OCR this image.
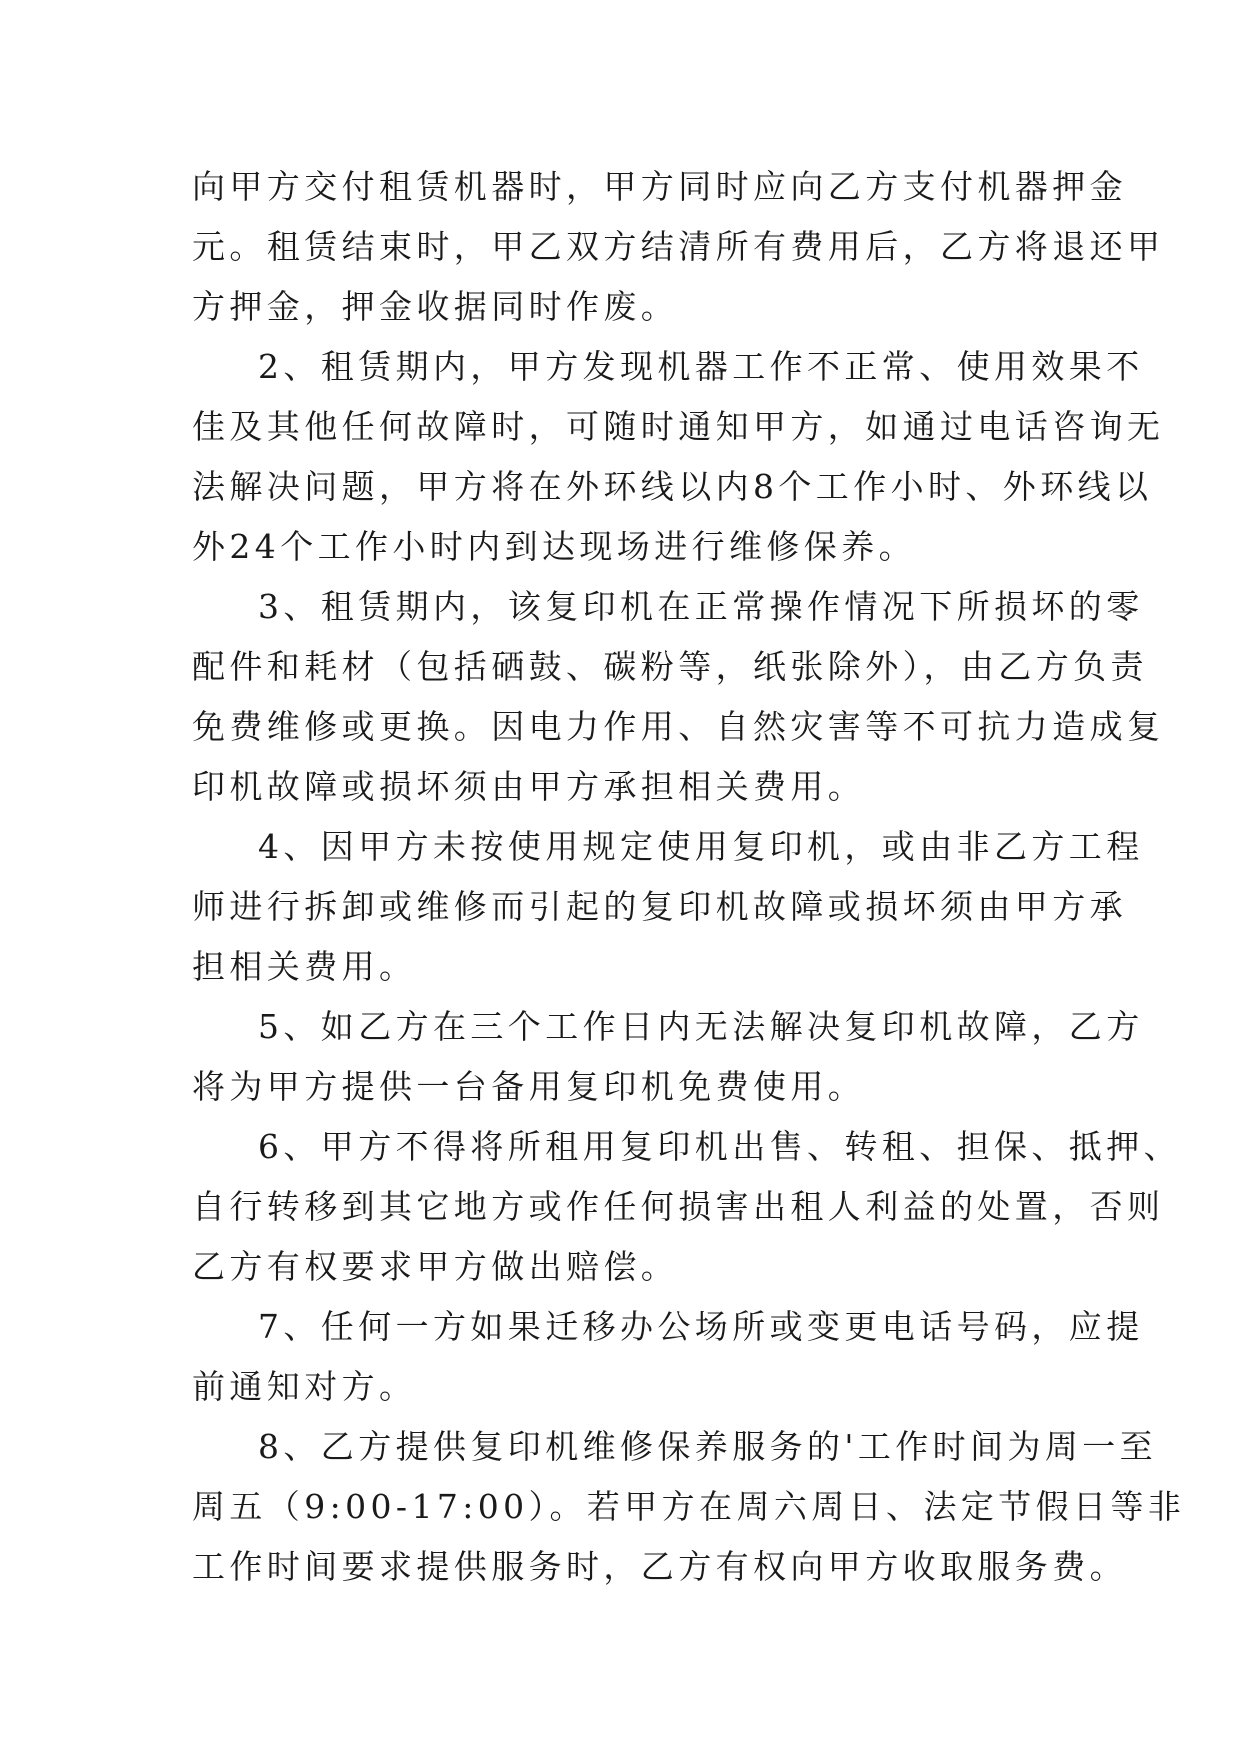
向甲方交付租赁机器时，甲方同时应向乙方支付机器押金
元。租赁结束时，甲乙双方结清所有费用后，乙方将退还甲
方押金，押金收据同时作废。
2、租赁期内，甲方发现机器工作不正常、使用效果不
佳及其他任何故障时，可随时通知甲方，如通过电话咨询无
法解决问题，甲方将在外环线以内8个工作小时、外环线以
外24个工作小时内到达现场进行维修保养。
3、租赁期内，该复印机在正常操作情况下所损坏的零
配件和耗材（包括硒鼓、碳粉等，纸张除外），由乙方负责
免费维修或更换。因电力作用、自然灾害等不可抗力造成复
印机故障或损坏须由甲方承担相关费用。
4、因甲方未按使用规定使用复印机，或由非乙方工程
师进行拆卸或维修而引起的复印机故障或损坏须由甲方承
担相关费用。
5、如乙方在三个工作日内无法解决复印机故障，乙方
将为甲方提供一台备用复印机免费使用。
6、甲方不得将所租用复印机出售、转租、担保、抵押、
自行转移到其它地方或作任何损害出租人利益的处置，否则
乙方有权要求甲方做出赔偿。
7、任何一方如果迁移办公场所或变更电话号码，应提
前通知对方。
8、乙方提供复印机维修保养服务的'工作时间为周一至
周五（9:00-17:00）。若甲方在周六周日、法定节假日等非
工作时间要求提供服务时，乙方有权向甲方收取服务费。
